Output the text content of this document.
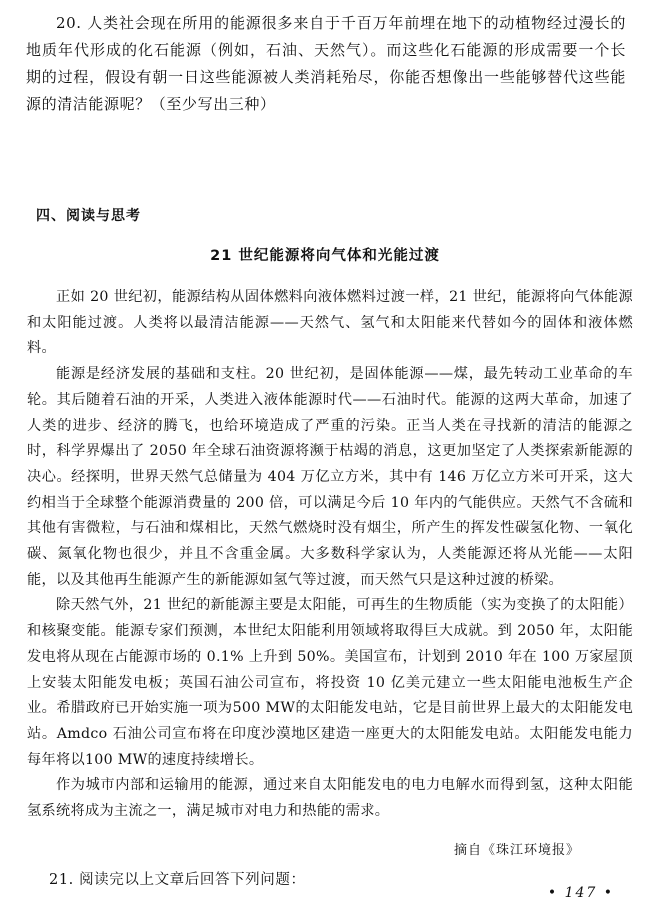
20. 人类社会现在所用的能源很多来自于千百万年前埋在地下的动植物经过漫长的地质年代形成的化石能源（例如，石油、天然气）。而这些化石能源的形成需要一个长期的过程，假设有朝一日这些能源被人类消耗殆尽，你能否想像出一些能够替代这些能源的清洁能源呢？（至少写出三种）
四、阅读与思考
21 世纪能源将向气体和光能过渡

正如 20 世纪初，能源结构从固体燃料向液体燃料过渡一样，21 世纪，能源将向气体能源和太阳能过渡。人类将以最清洁能源——天然气、氢气和太阳能来代替如今的固体和液体燃料。

能源是经济发展的基础和支柱。20 世纪初，是固体能源——煤，最先转动工业革命的车轮。其后随着石油的开采，人类进入液体能源时代——石油时代。能源的这两大革命，加速了人类的进步、经济的腾飞，也给环境造成了严重的污染。正当人类在寻找新的清洁的能源之时，科学界爆出了 2050 年全球石油资源将濒于枯竭的消息，这更加坚定了人类探索新能源的决心。经探明，世界天然气总储量为 404 万亿立方米，其中有 146 万亿立方米可开采，这大约相当于全球整个能源消费量的 200 倍，可以满足今后 10 年内的气能供应。天然气不含硫和其他有害微粒，与石油和煤相比，天然气燃烧时没有烟尘，所产生的挥发性碳氢化物、一氧化碳、氮氧化物也很少，并且不含重金属。大多数科学家认为，人类能源还将从光能——太阳能，以及其他再生能源产生的新能源如氢气等过渡，而天然气只是这种过渡的桥梁。

除天然气外，21 世纪的新能源主要是太阳能，可再生的生物质能（实为变换了的太阳能）和核聚变能。能源专家们预测，本世纪太阳能利用领域将取得巨大成就。到 2050 年，太阳能发电将从现在占能源市场的 0.1% 上升到 50%。美国宣布，计划到 2010 年在 100 万家屋顶上安装太阳能发电板；英国石油公司宣布，将投资 10 亿美元建立一些太阳能电池板生产企业。希腊政府已开始实施一项为500 MW的太阳能发电站，它是目前世界上最大的太阳能发电站。Amdco 石油公司宣布将在印度沙漠地区建造一座更大的太阳能发电站。太阳能发电能力每年将以100 MW的速度持续增长。

作为城市内部和运输用的能源，通过来自太阳能发电的电力电解水而得到氢，这种太阳能氢系统将成为主流之一，满足城市对电力和热能的需求。

摘自《珠江环境报》
21. 阅读完以上文章后回答下列问题：
• 147 •
